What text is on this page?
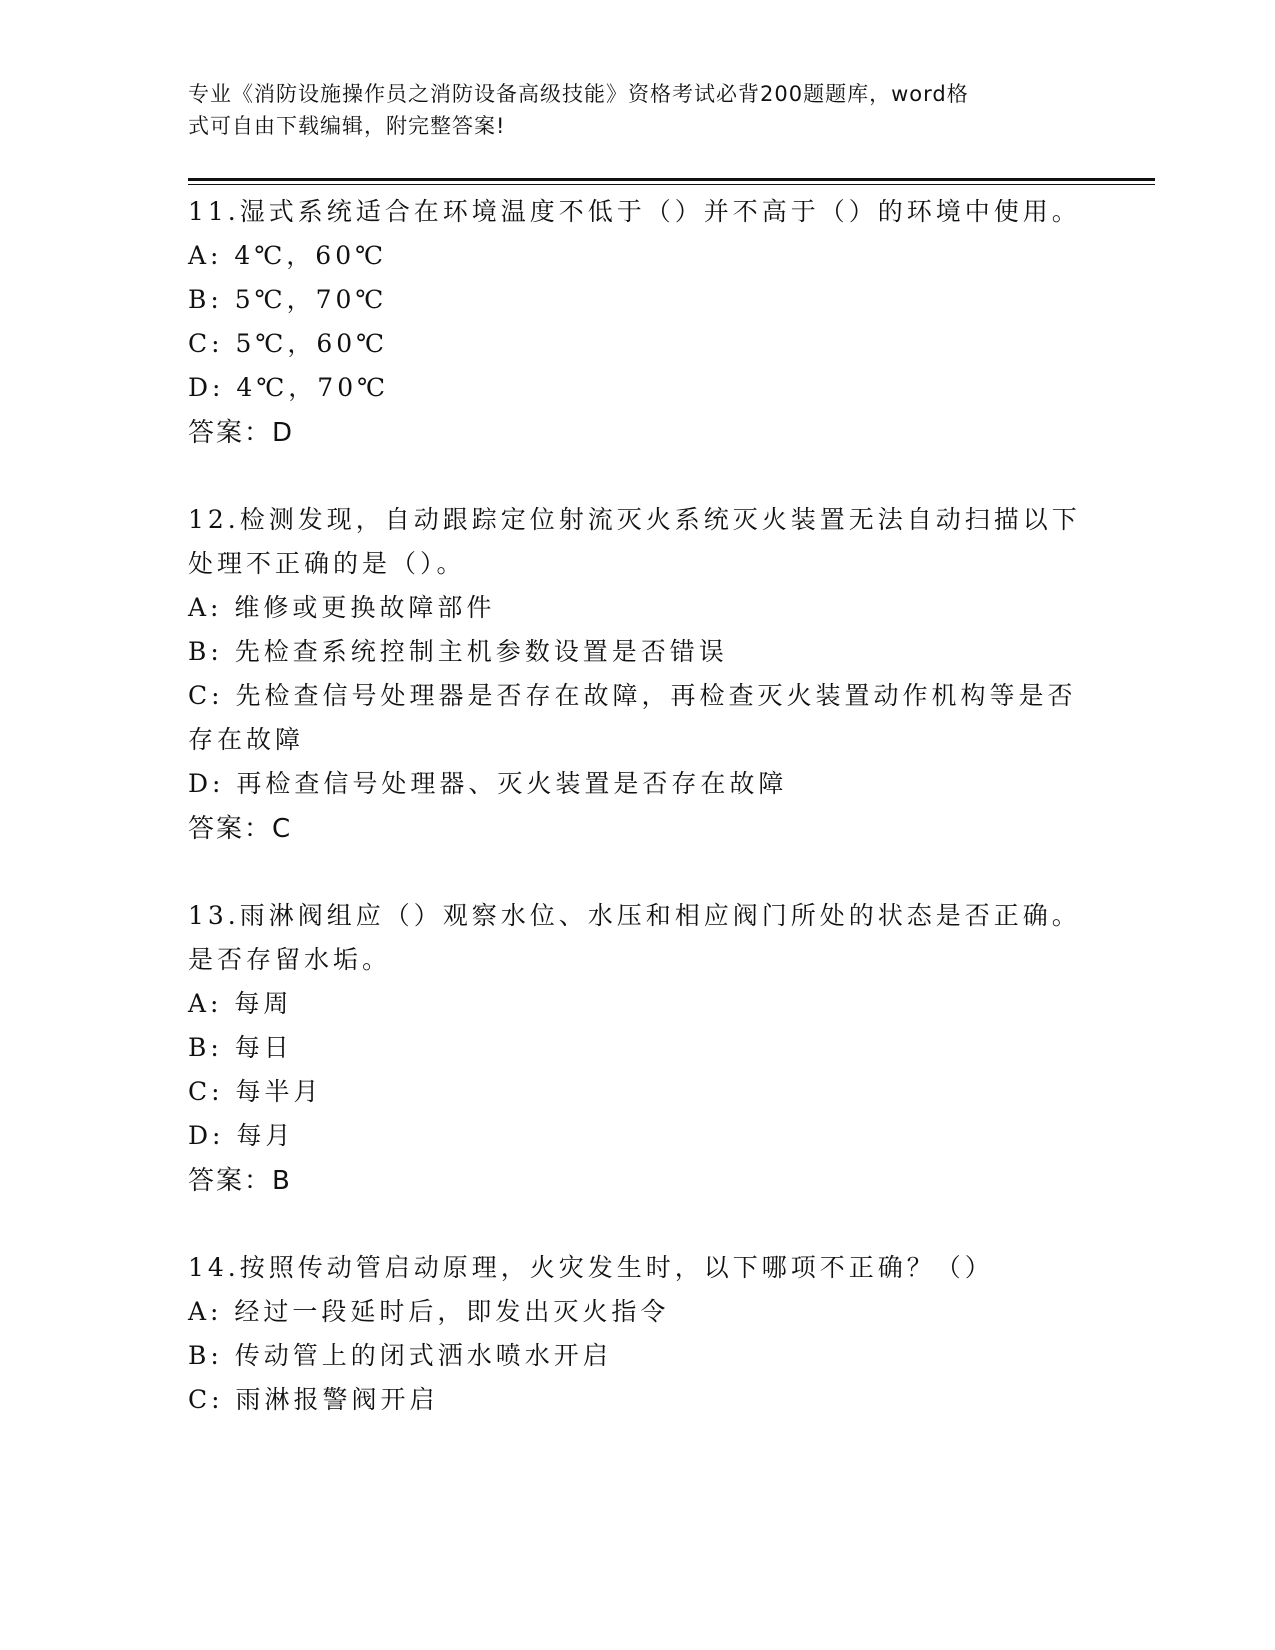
专业《消防设施操作员之消防设备高级技能》资格考试必背200题题库，word格
式可自由下载编辑，附完整答案!
11.湿式系统适合在环境温度不低于（）并不高于（）的环境中使用。
A: 4℃，60℃
B: 5℃，70℃
C: 5℃，60℃
D: 4℃，70℃
答案：D
12.检测发现，自动跟踪定位射流灭火系统灭火装置无法自动扫描以下处理不正确的是（）。
A: 维修或更换故障部件
B: 先检查系统控制主机参数设置是否错误
C: 先检查信号处理器是否存在故障，再检查灭火装置动作机构等是否存在故障
D: 再检查信号处理器、灭火装置是否存在故障
答案：C
13.雨淋阀组应（）观察水位、水压和相应阀门所处的状态是否正确。是否存留水垢。
A: 每周
B: 每日
C: 每半月
D: 每月
答案：B
14.按照传动管启动原理，火灾发生时，以下哪项不正确？（）
A: 经过一段延时后，即发出灭火指令
B: 传动管上的闭式洒水喷水开启
C: 雨淋报警阀开启
